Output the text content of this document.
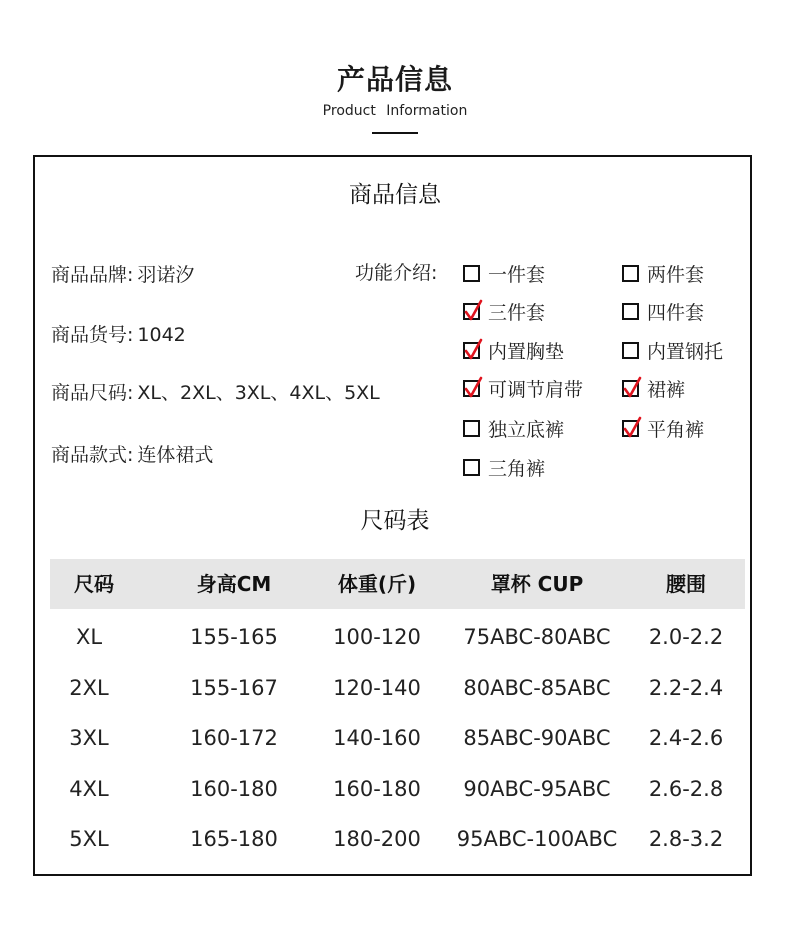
产品信息
Product Information
商品信息
商品品牌: 羽诺汐
商品货号: 1042
商品尺码: XL、2XL、3XL、4XL、5XL
商品款式: 连体裙式
功能介绍:	一件套	两件套
三件套	四件套
内置胸垫	内置钢托
可调节肩带	裙裤
独立底裤	平角裤
三角裤
尺码表
尺码	身高CM	体重(斤)	罩杯 CUP	腰围
XL	155-165	100-120	75ABC-80ABC	2.0-2.2
2XL	155-167	120-140	80ABC-85ABC	2.2-2.4
3XL	160-172	140-160	85ABC-90ABC	2.4-2.6
4XL	160-180	160-180	90ABC-95ABC	2.6-2.8
5XL	165-180	180-200	95ABC-100ABC	2.8-3.2
